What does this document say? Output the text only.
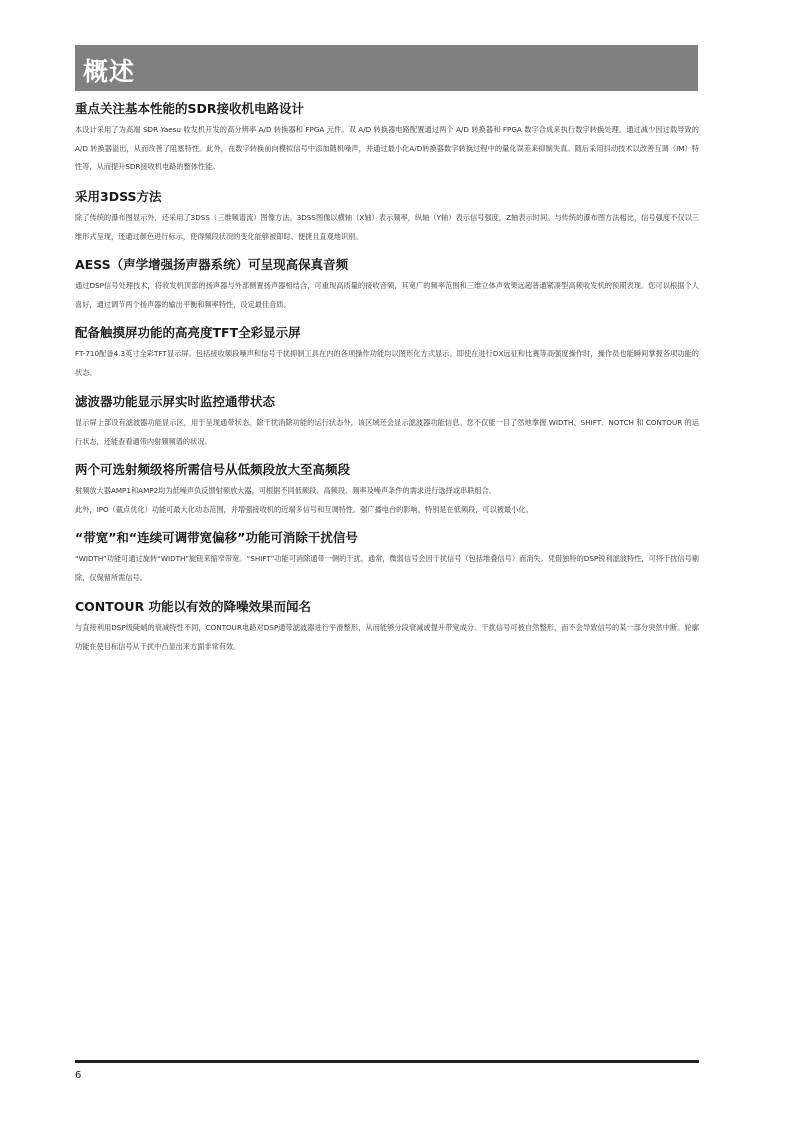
概述
重点关注基本性能的SDR接收机电路设计

本设计采用了为高端 SDR Yaesu 收发机开发的高分辨率 A/D 转换器和 FPGA 元件。双 A/D 转换器电路配置通过两个 A/D 转换器和 FPGA 数字合成来执行数字转换处理。通过减少因过载导致的 A/D 转换器溢出，从而改善了阻塞特性。此外，在数字转换前向模拟信号中添加随机噪声，并通过最小化A/D转换器数字转换过程中的量化误差来抑制失真。随后采用抖动技术以改善互调（IM）特性等，从而提升SDR接收机电路的整体性能。

采用3DSS方法

除了传统的瀑布图显示外，还采用了3DSS（三维频谱流）图像方法。3DSS图像以横轴（X轴）表示频率，纵轴（Y轴）表示信号强度，Z轴表示时间。与传统的瀑布图方法相比，信号强度不仅以三维形式呈现，还通过颜色进行标示，使得频段状况的变化能够被即时、便捷且直观地识别。

AESS（声学增强扬声器系统）可呈现高保真音频

通过DSP信号处理技术，将收发机顶部的扬声器与外部侧置扬声器相结合，可重现高质量的接收音频，其宽广的频率范围和三维立体声效果远超普通紧凑型高频收发机的预期表现。您可以根据个人喜好，通过调节两个扬声器的输出平衡和频率特性，设定最佳音质。

配备触摸屏功能的高亮度TFT全彩显示屏

FT-710配备4.3英寸全彩TFT显示屏。包括接收频段噪声和信号干扰抑制工具在内的各项操作功能均以图形化方式显示。即使在进行DX远征和比赛等高强度操作时，操作员也能瞬间掌握各项功能的状态。

滤波器功能显示屏实时监控通带状态

显示屏上部设有滤波器功能显示区，用于呈现通带状态。除干扰消除功能的运行状态外，该区域还会显示滤波器功能信息。您不仅能一目了然地掌握 WIDTH、SHIFT、NOTCH 和 CONTOUR 的运行状态，还能查看通带内射频频谱的状况。

两个可选射频级将所需信号从低频段放大至高频段

射频放大器AMP1和AMP2均为低噪声负反馈射频放大器，可根据不同低频段、高频段、频率及噪声条件的需求进行选择或串联组合。
此外，IPO（截点优化）功能可最大化动态范围，并增强接收机的近端多信号和互调特性。强广播电台的影响，特别是在低频段，可以被最小化。

“带宽”和“连续可调带宽偏移”功能可消除干扰信号

“WIDTH”功能可通过旋转“WIDTH”旋钮来缩窄带宽。“SHIFT”功能可消除通带一侧的干扰。通常，微弱信号会因干扰信号（包括堆叠信号）而消失。凭借独特的DSP锐利滤波特性，可将干扰信号剔除，仅保留所需信号。

CONTOUR 功能以有效的降噪效果而闻名

与直接利用DSP级陡峭的衰减特性不同，CONTOUR电路对DSP通带滤波器进行平滑整形，从而能够分段衰减或提升带宽成分。干扰信号可被自然整形，而不会导致信号的某一部分突然中断。轮廓功能在使目标信号从干扰中凸显出来方面非常有效。

6
